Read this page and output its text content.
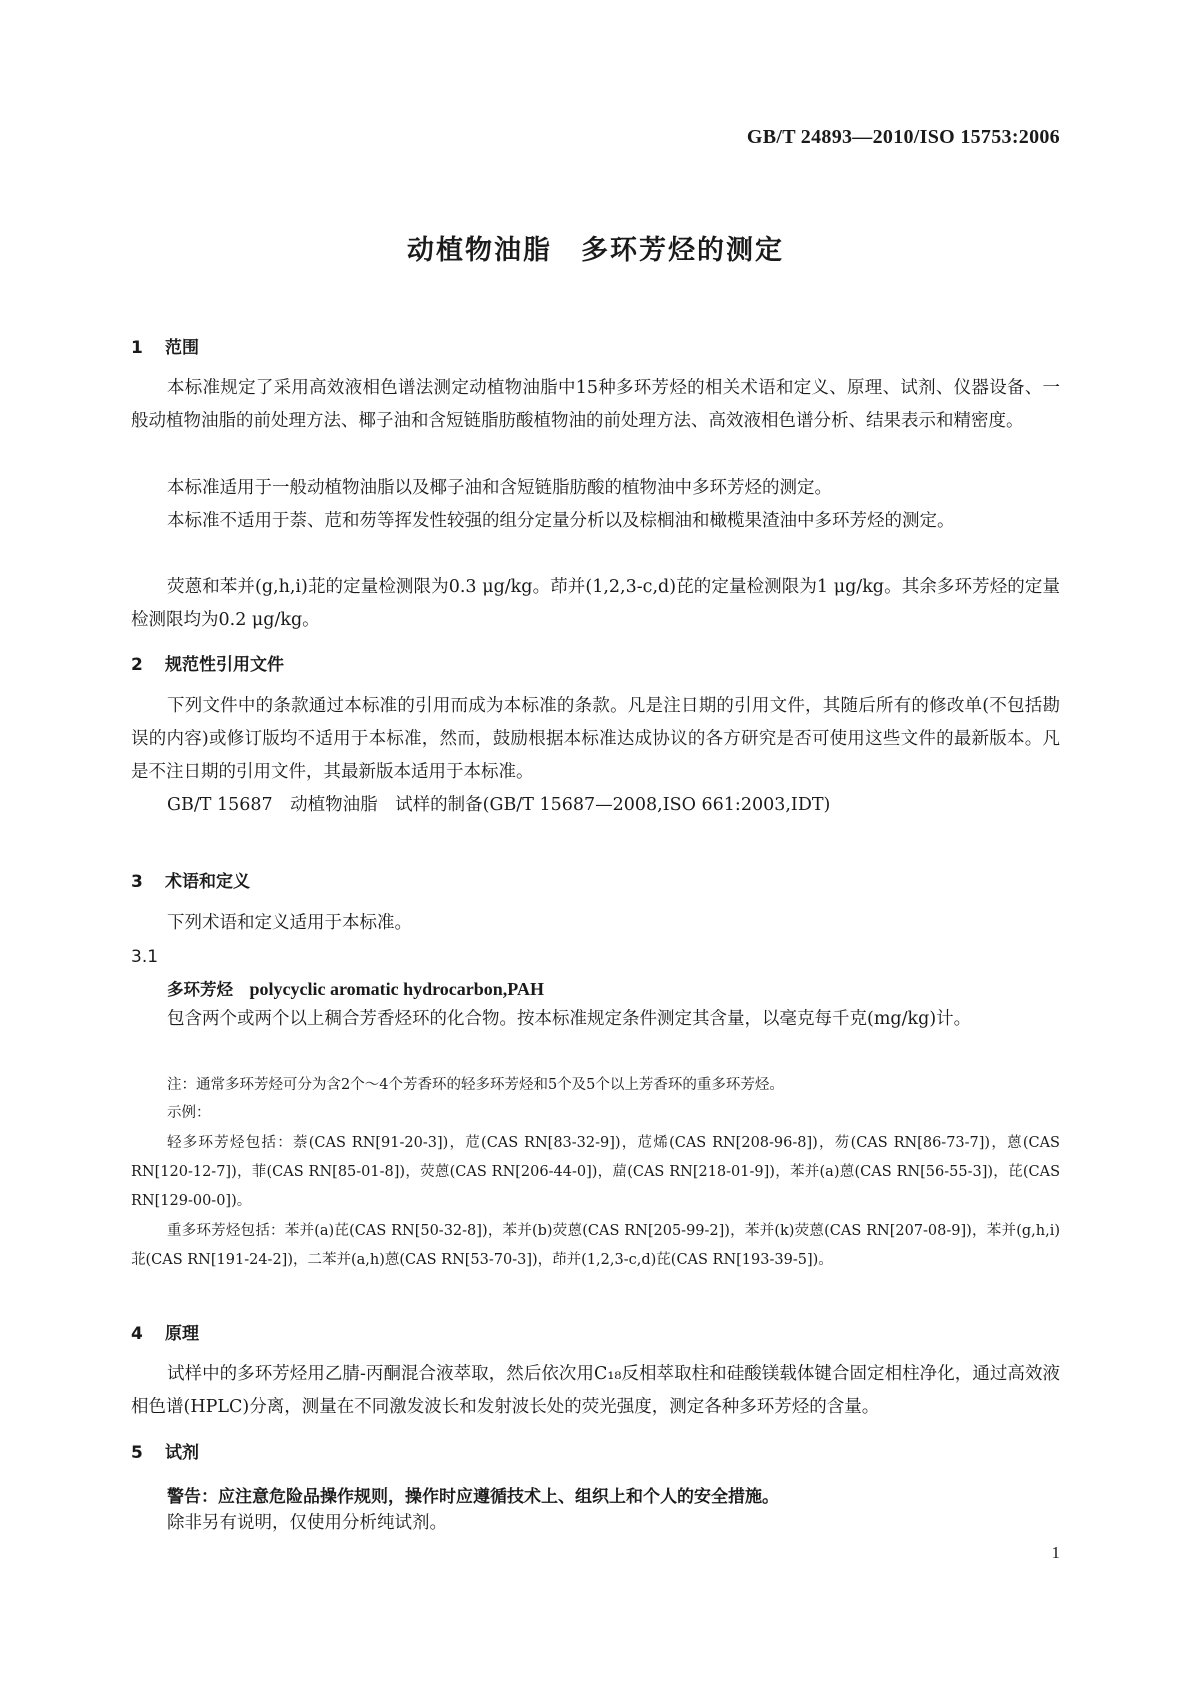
GB/T 24893—2010/ISO 15753:2006
动植物油脂　多环芳烃的测定
1 范围
本标准规定了采用高效液相色谱法测定动植物油脂中15种多环芳烃的相关术语和定义、原理、试剂、仪器设备、一般动植物油脂的前处理方法、椰子油和含短链脂肪酸植物油的前处理方法、高效液相色谱分析、结果表示和精密度。
本标准适用于一般动植物油脂以及椰子油和含短链脂肪酸的植物油中多环芳烃的测定。
本标准不适用于萘、苊和芴等挥发性较强的组分定量分析以及棕榈油和橄榄果渣油中多环芳烃的测定。
荧蒽和苯并(g,h,i)苝的定量检测限为0.3 μg/kg。茚并(1,2,3-c,d)芘的定量检测限为1 μg/kg。其余多环芳烃的定量检测限均为0.2 μg/kg。
2 规范性引用文件
下列文件中的条款通过本标准的引用而成为本标准的条款。凡是注日期的引用文件，其随后所有的修改单(不包括勘误的内容)或修订版均不适用于本标准，然而，鼓励根据本标准达成协议的各方研究是否可使用这些文件的最新版本。凡是不注日期的引用文件，其最新版本适用于本标准。
GB/T 15687　动植物油脂　试样的制备(GB/T 15687—2008,ISO 661:2003,IDT)
3 术语和定义
下列术语和定义适用于本标准。
3.1
多环芳烃　 polycyclic aromatic hydrocarbon,PAH
包含两个或两个以上稠合芳香烃环的化合物。按本标准规定条件测定其含量，以毫克每千克(mg/kg)计。
注：通常多环芳烃可分为含2个～4个芳香环的轻多环芳烃和5个及5个以上芳香环的重多环芳烃。
示例：
轻多环芳烃包括：萘(CAS RN[91-20-3])，苊(CAS RN[83-32-9])，苊烯(CAS RN[208-96-8])，芴(CAS RN[86-73-7])，蒽(CAS RN[120-12-7])，菲(CAS RN[85-01-8])，荧蒽(CAS RN[206-44-0])，䓛(CAS RN[218-01-9])，苯并(a)蒽(CAS RN[56-55-3])，芘(CAS RN[129-00-0])。
重多环芳烃包括：苯并(a)芘(CAS RN[50-32-8])，苯并(b)荧蒽(CAS RN[205-99-2])，苯并(k)荧蒽(CAS RN[207-08-9])，苯并(g,h,i)苝(CAS RN[191-24-2])，二苯并(a,h)蒽(CAS RN[53-70-3])，茚并(1,2,3-c,d)芘(CAS RN[193-39-5])。
4 原理
试样中的多环芳烃用乙腈-丙酮混合液萃取，然后依次用C₁₈反相萃取柱和硅酸镁载体键合固定相柱净化，通过高效液相色谱(HPLC)分离，测量在不同激发波长和发射波长处的荧光强度，测定各种多环芳烃的含量。
5 试剂
警告：应注意危险品操作规则，操作时应遵循技术上、组织上和个人的安全措施。
除非另有说明，仅使用分析纯试剂。
1
